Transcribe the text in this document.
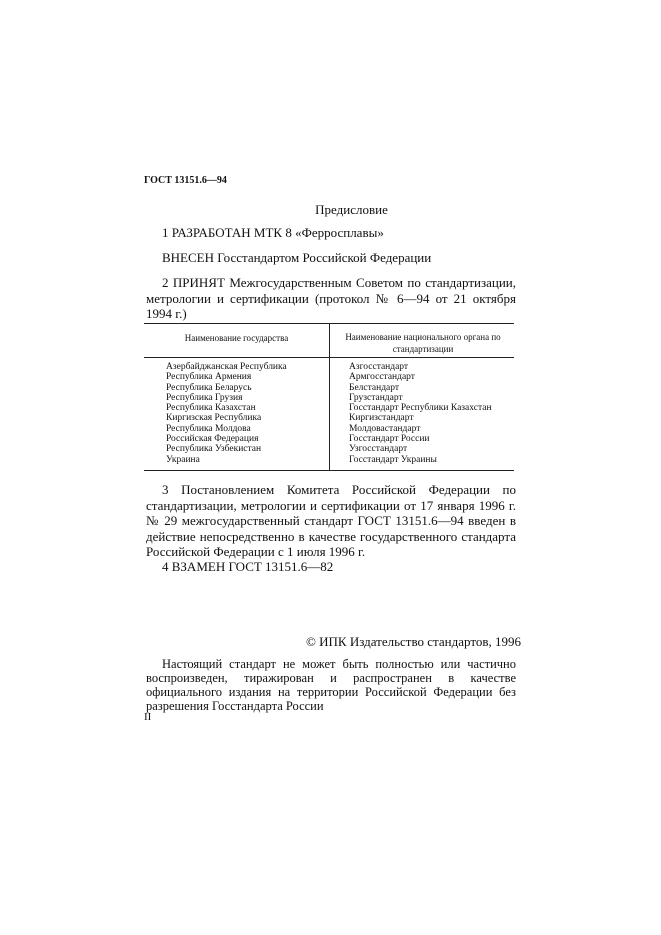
ГОСТ 13151.6—94
Предисловие
1 РАЗРАБОТАН МТК 8 «Ферросплавы»
ВНЕСЕН Госстандартом Российской Федерации
2 ПРИНЯТ Межгосударственным Советом по стандартизации, метрологии и сертификации (протокол № 6—94 от 21 октября 1994 г.)
Наименование государства	Наименование национального органа по стандартизации
Азербайджанская Республика
Республика Армения
Республика Беларусь
Республика Грузия
Республика Казахстан
Киргизская Республика
Республика Молдова
Российская Федерация
Республика Узбекистан
Украина
Азгосстандарт
Армгосстандарт
Белстандарт
Грузстандарт
Госстандарт Республики Казахстан
Киргизстандарт
Молдовастандарт
Госстандарт России
Узгосстандарт
Госстандарт Украины
3 Постановлением Комитета Российской Федерации по стандартизации, метрологии и сертификации от 17 января 1996 г. № 29 межгосударственный стандарт ГОСТ 13151.6—94 введен в действие непосредственно в качестве государственного стандарта Российской Федерации с 1 июля 1996 г.
4 ВЗАМЕН ГОСТ 13151.6—82
© ИПК Издательство стандартов, 1996
Настоящий стандарт не может быть полностью или частично воспроизведен, тиражирован и распространен в качестве официального издания на территории Российской Федерации без разрешения Госстандарта России
II
